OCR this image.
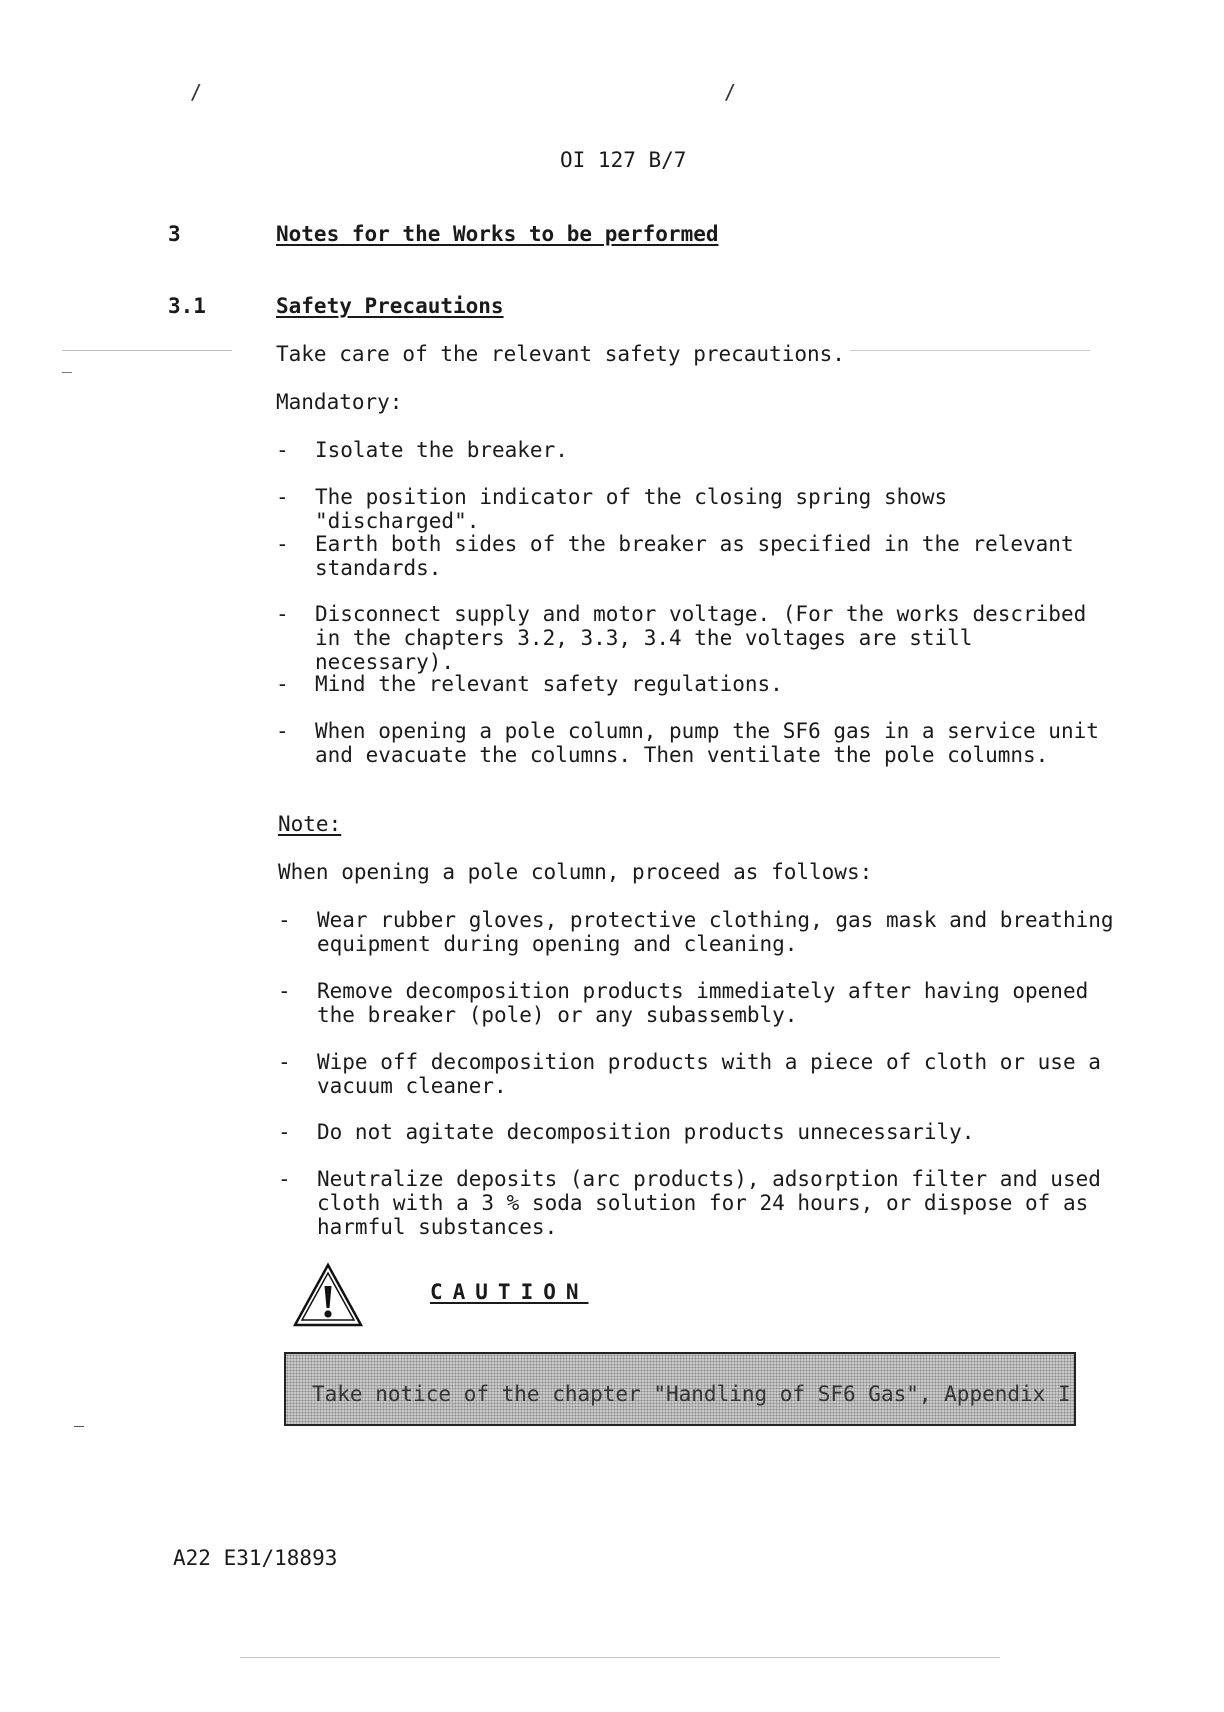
/	/
OI 127 B/7
3	Notes for the Works to be performed
3.1	Safety Precautions
Take care of the relevant safety precautions.
Mandatory:
- Isolate the breaker.
- The position indicator of the closing spring shows "discharged".
- Earth both sides of the breaker as specified in the relevant standards.
- Disconnect supply and motor voltage. (For the works described in the chapters 3.2, 3.3, 3.4 the voltages are still necessary).
- Mind the relevant safety regulations.
- When opening a pole column, pump the SF6 gas in a service unit and evacuate the columns. Then ventilate the pole columns.
Note:
When opening a pole column, proceed as follows:
- Wear rubber gloves, protective clothing, gas mask and breathing equipment during opening and cleaning.
- Remove decomposition products immediately after having opened the breaker (pole) or any subassembly.
- Wipe off decomposition products with a piece of cloth or use a vacuum cleaner.
- Do not agitate decomposition products unnecessarily.
- Neutralize deposits (arc products), adsorption filter and used cloth with a 3 % soda solution for 24 hours, or dispose of as harmful substances.
CAUTION
Take notice of the chapter "Handling of SF6 Gas", Appendix I
A22 E31/18893
